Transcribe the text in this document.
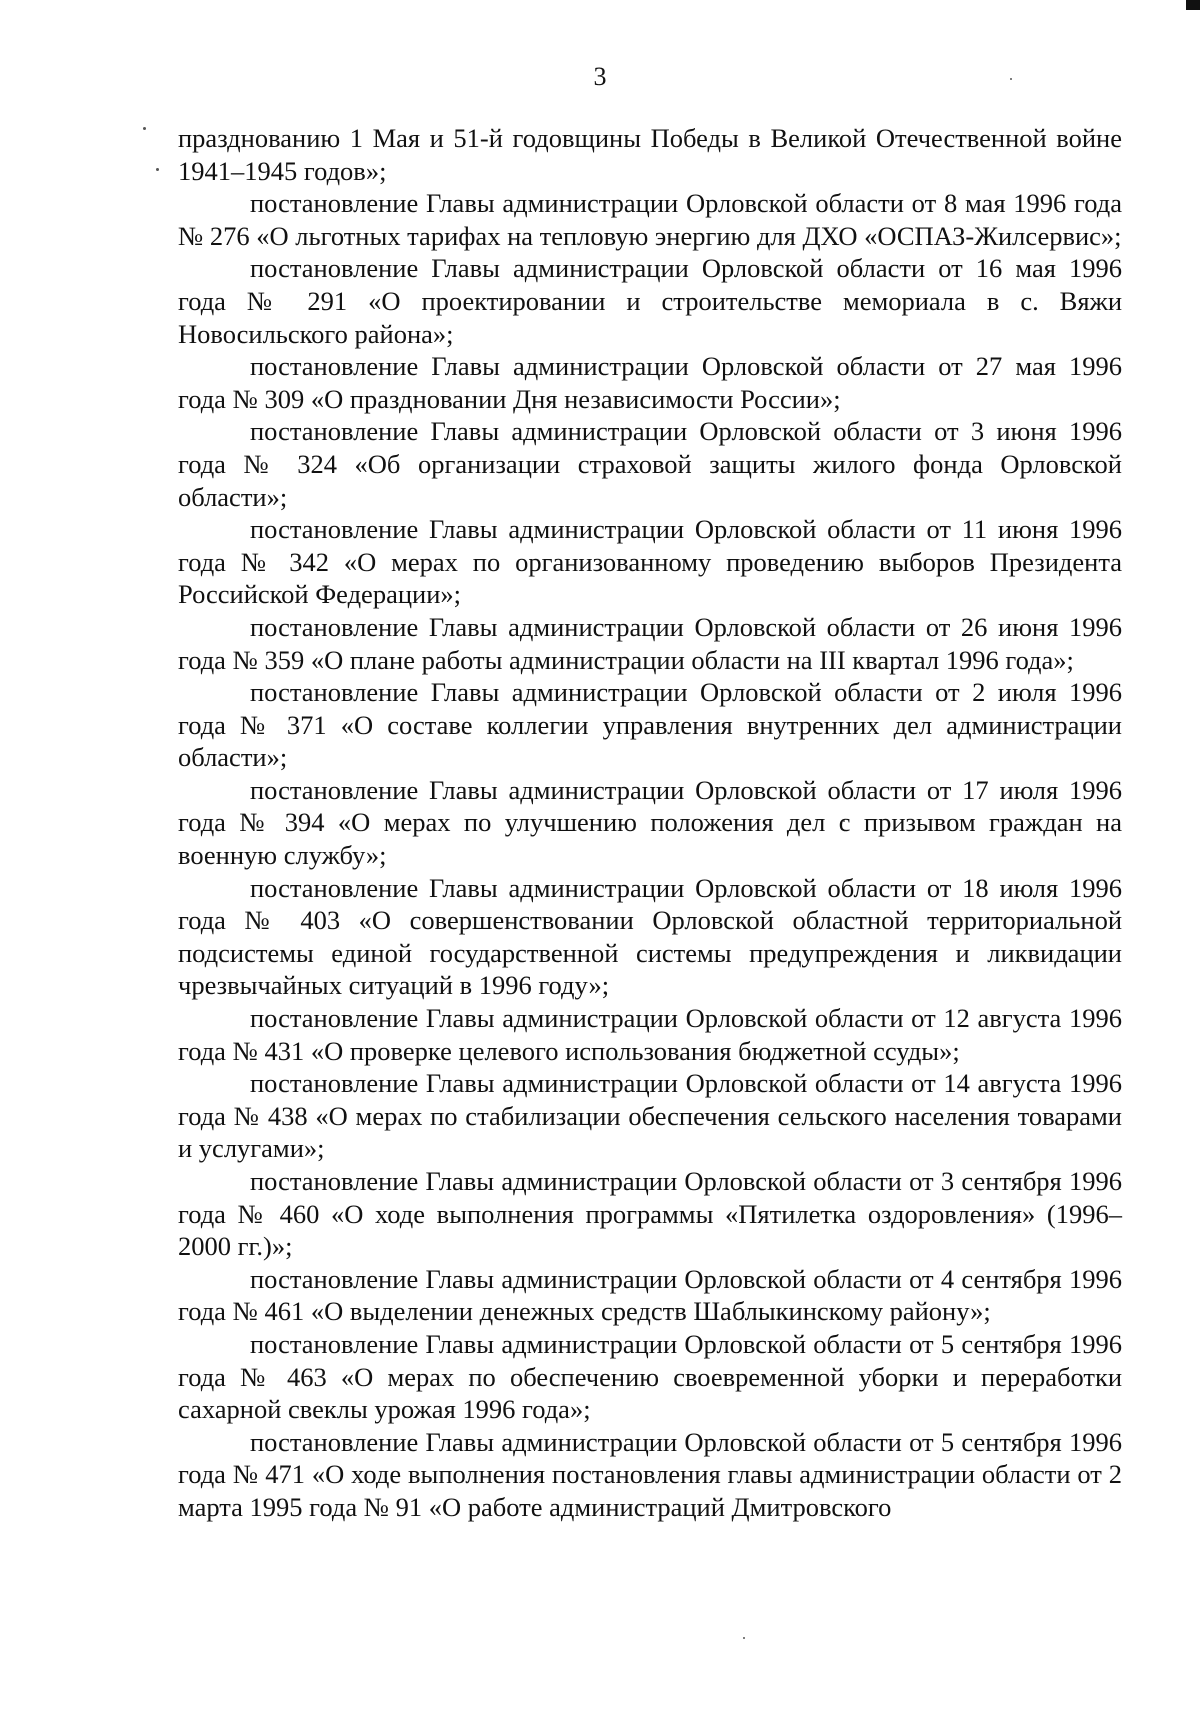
3

празднованию 1 Мая и 51-й годовщины Победы в Великой Отечественной войне 1941–1945 годов»;

постановление Главы администрации Орловской области от 8 мая 1996 года № 276 «О льготных тарифах на тепловую энергию для ДХО «ОСПАЗ-Жилсервис»;

постановление Главы администрации Орловской области от 16 мая 1996 года № 291 «О проектировании и строительстве мемориала в с. Вяжи Новосильского района»;

постановление Главы администрации Орловской области от 27 мая 1996 года № 309 «О праздновании Дня независимости России»;

постановление Главы администрации Орловской области от 3 июня 1996 года № 324 «Об организации страховой защиты жилого фонда Орловской области»;

постановление Главы администрации Орловской области от 11 июня 1996 года № 342 «О мерах по организованному проведению выборов Президента Российской Федерации»;

постановление Главы администрации Орловской области от 26 июня 1996 года № 359 «О плане работы администрации области на III квартал 1996 года»;

постановление Главы администрации Орловской области от 2 июля 1996 года № 371 «О составе коллегии управления внутренних дел администрации области»;

постановление Главы администрации Орловской области от 17 июля 1996 года № 394 «О мерах по улучшению положения дел с призывом граждан на военную службу»;

постановление Главы администрации Орловской области от 18 июля 1996 года № 403 «О совершенствовании Орловской областной территориальной подсистемы единой государственной системы предупреждения и ликвидации чрезвычайных ситуаций в 1996 году»;

постановление Главы администрации Орловской области от 12 августа 1996 года № 431 «О проверке целевого использования бюджетной ссуды»;

постановление Главы администрации Орловской области от 14 августа 1996 года № 438 «О мерах по стабилизации обеспечения сельского населения товарами и услугами»;

постановление Главы администрации Орловской области от 3 сентября 1996 года № 460 «О ходе выполнения программы «Пятилетка оздоровления» (1996–2000 гг.)»;

постановление Главы администрации Орловской области от 4 сентября 1996 года № 461 «О выделении денежных средств Шаблыкинскому району»;

постановление Главы администрации Орловской области от 5 сентября 1996 года № 463 «О мерах по обеспечению своевременной уборки и переработки сахарной свеклы урожая 1996 года»;

постановление Главы администрации Орловской области от 5 сентября 1996 года № 471 «О ходе выполнения постановления главы администрации области от 2 марта 1995 года № 91 «О работе администраций Дмитровского
